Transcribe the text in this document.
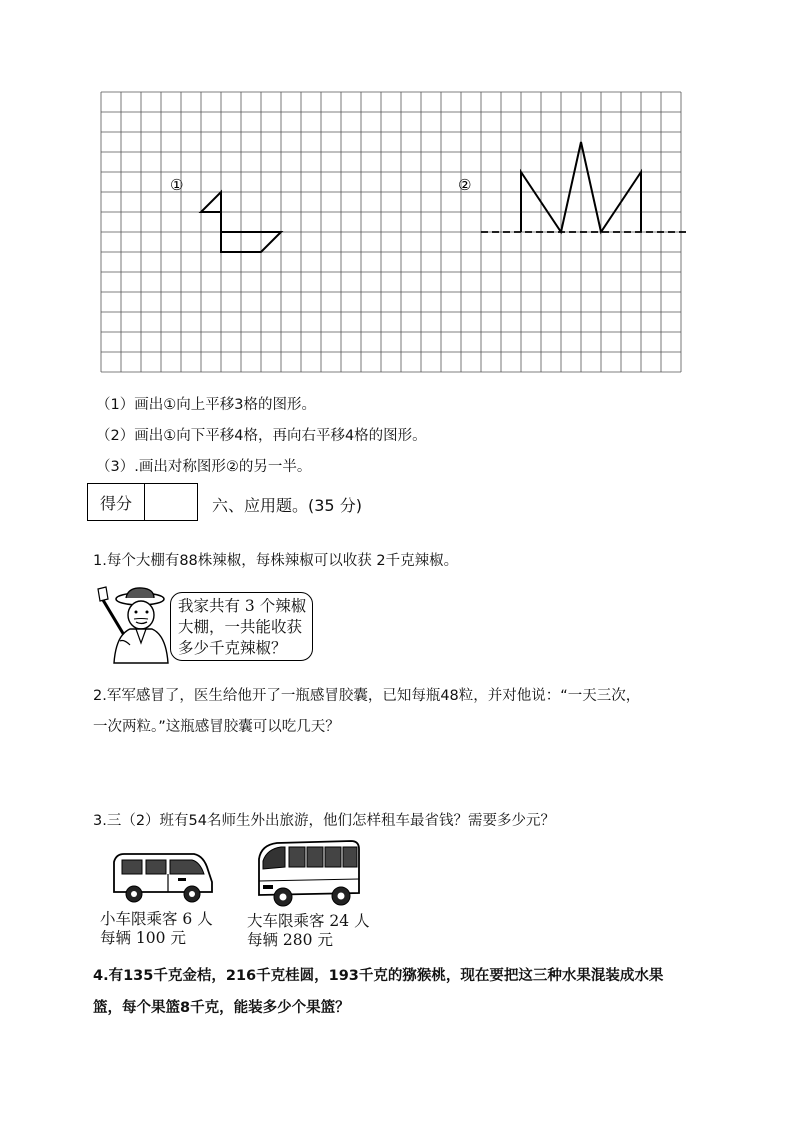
①	②
（1）画出①向上平移3格的图形。
（2）画出①向下平移4格，再向右平移4格的图形。
（3）.画出对称图形②的另一半。
得分	六、应用题。(35 分)
1.每个大棚有88株辣椒，每株辣椒可以收获 2千克辣椒。
我家共有 3 个辣椒
大棚，一共能收获
多少千克辣椒？
2.军军感冒了，医生给他开了一瓶感冒胶囊，已知每瓶48粒，并对他说：“一天三次，
一次两粒。”这瓶感冒胶囊可以吃几天？
3.三（2）班有54名师生外出旅游，他们怎样租车最省钱？需要多少元？
小车限乘客 6 人
每辆 100 元
大车限乘客 24 人
每辆 280 元
4.有135千克金桔，216千克桂圆，193千克的猕猴桃，现在要把这三种水果混装成水果
篮，每个果篮8千克，能装多少个果篮？
